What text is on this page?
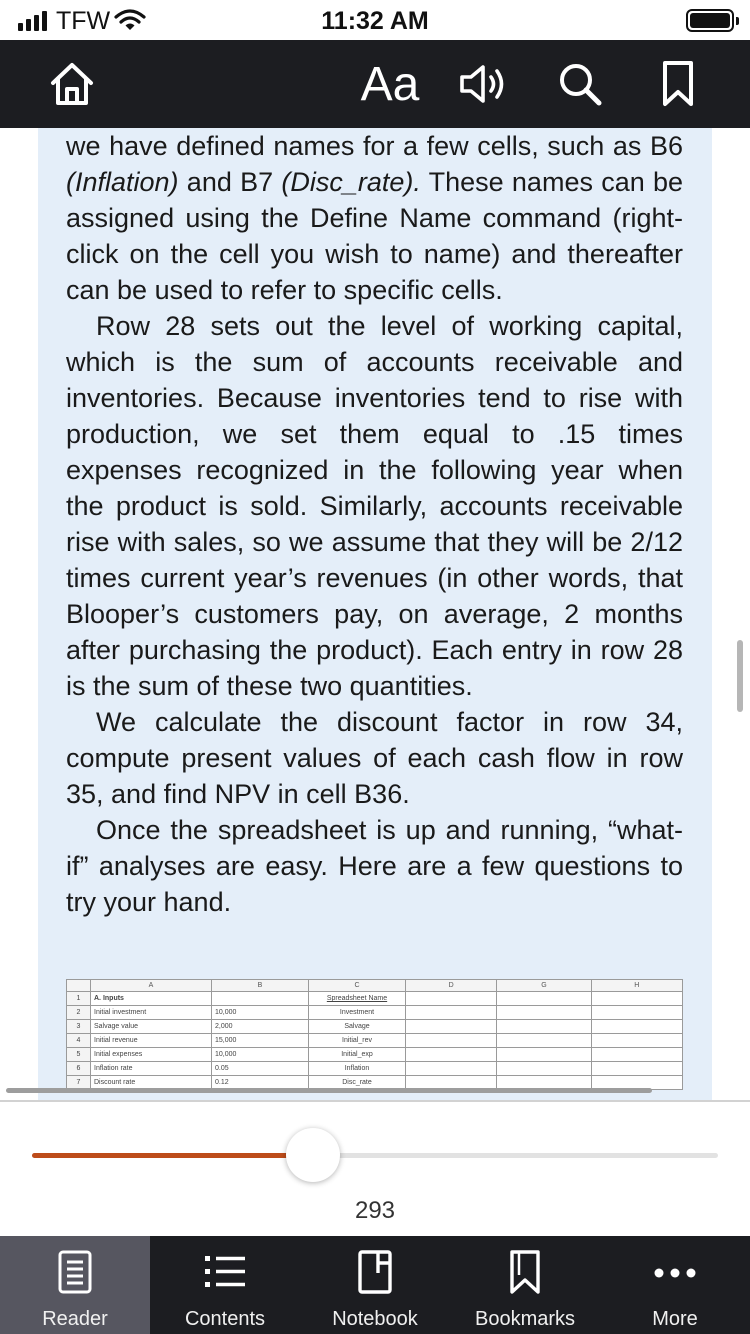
TFW	11:32 AM
Aa

we have defined names for a few cells, such as B6 (Inflation) and B7 (Disc_rate). These names can be assigned using the Define Name command (right-click on the cell you wish to name) and thereafter can be used to refer to specific cells.

Row 28 sets out the level of working capital, which is the sum of accounts receivable and inventories. Because inventories tend to rise with production, we set them equal to .15 times expenses recognized in the following year when the product is sold. Similarly, accounts receivable rise with sales, so we assume that they will be 2/12 times current year’s revenues (in other words, that Blooper’s customers pay, on average, 2 months after purchasing the product). Each entry in row 28 is the sum of these two quantities.

We calculate the discount factor in row 34, compute present values of each cash flow in row 35, and find NPV in cell B36.

Once the spreadsheet is up and running, “what-if” analyses are easy. Here are a few questions to try your hand.

	A	B	C	D	G	H
1	A. Inputs		Spreadsheet Name			
2	Initial investment	10,000	Investment			
3	Salvage value	2,000	Salvage			
4	Initial revenue	15,000	Initial_rev			
5	Initial expenses	10,000	Initial_exp			
6	Inflation rate	0.05	Inflation			
7	Discount rate	0.12	Disc_rate			
293
Reader	Contents	Notebook	Bookmarks	More
